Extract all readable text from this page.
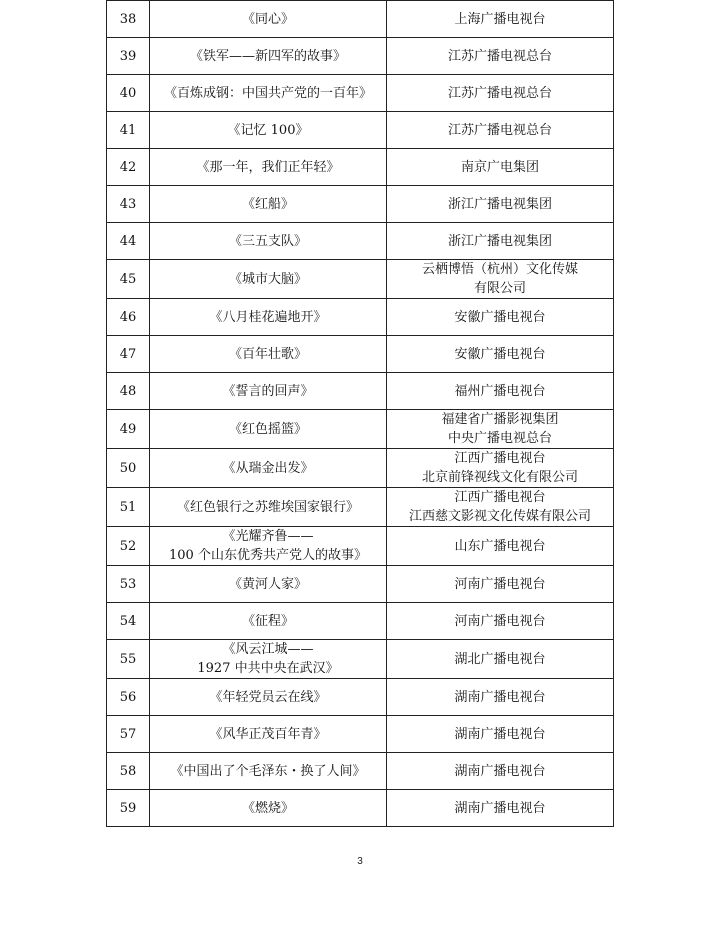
38	《同心》	上海广播电视台
39	《铁军——新四军的故事》	江苏广播电视总台
40	《百炼成钢：中国共产党的一百年》	江苏广播电视总台
41	《记忆 100》	江苏广播电视总台
42	《那一年，我们正年轻》	南京广电集团
43	《红船》	浙江广播电视集团
44	《三五支队》	浙江广播电视集团
45	《城市大脑》	云栖博悟（杭州）文化传媒
有限公司
46	《八月桂花遍地开》	安徽广播电视台
47	《百年壮歌》	安徽广播电视台
48	《誓言的回声》	福州广播电视台
49	《红色摇篮》	福建省广播影视集团
中央广播电视总台
50	《从瑞金出发》	江西广播电视台
北京前锋视线文化有限公司
51	《红色银行之苏维埃国家银行》	江西广播电视台
江西慈文影视文化传媒有限公司
52	《光耀齐鲁——
100 个山东优秀共产党人的故事》	山东广播电视台
53	《黄河人家》	河南广播电视台
54	《征程》	河南广播电视台
55	《风云江城——
1927 中共中央在武汉》	湖北广播电视台
56	《年轻党员云在线》	湖南广播电视台
57	《风华正茂百年青》	湖南广播电视台
58	《中国出了个毛泽东・换了人间》	湖南广播电视台
59	《燃烧》	湖南广播电视台
3
